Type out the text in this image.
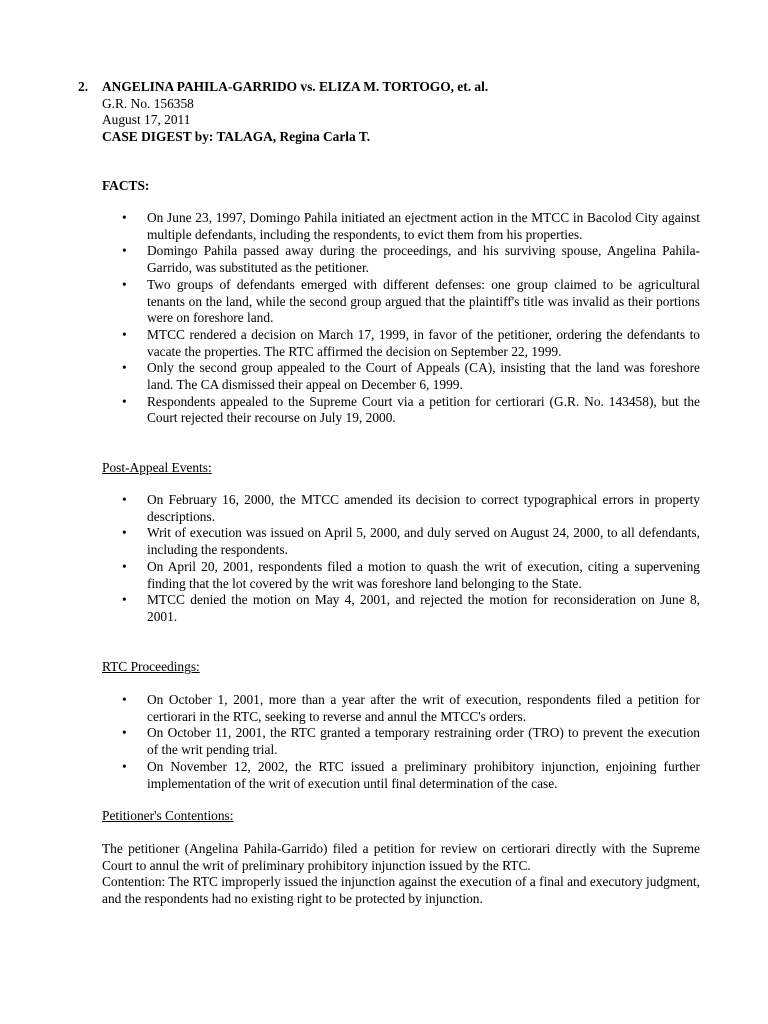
2. ANGELINA PAHILA-GARRIDO vs. ELIZA M. TORTOGO, et. al.
G.R. No. 156358
August 17, 2011
CASE DIGEST by: TALAGA, Regina Carla T.
FACTS:
• On June 23, 1997, Domingo Pahila initiated an ejectment action in the MTCC in Bacolod City against multiple defendants, including the respondents, to evict them from his properties.
• Domingo Pahila passed away during the proceedings, and his surviving spouse, Angelina Pahila-Garrido, was substituted as the petitioner.
• Two groups of defendants emerged with different defenses: one group claimed to be agricultural tenants on the land, while the second group argued that the plaintiff's title was invalid as their portions were on foreshore land.
• MTCC rendered a decision on March 17, 1999, in favor of the petitioner, ordering the defendants to vacate the properties. The RTC affirmed the decision on September 22, 1999.
• Only the second group appealed to the Court of Appeals (CA), insisting that the land was foreshore land. The CA dismissed their appeal on December 6, 1999.
• Respondents appealed to the Supreme Court via a petition for certiorari (G.R. No. 143458), but the Court rejected their recourse on July 19, 2000.
Post-Appeal Events:
• On February 16, 2000, the MTCC amended its decision to correct typographical errors in property descriptions.
• Writ of execution was issued on April 5, 2000, and duly served on August 24, 2000, to all defendants, including the respondents.
• On April 20, 2001, respondents filed a motion to quash the writ of execution, citing a supervening finding that the lot covered by the writ was foreshore land belonging to the State.
• MTCC denied the motion on May 4, 2001, and rejected the motion for reconsideration on June 8, 2001.
RTC Proceedings:
• On October 1, 2001, more than a year after the writ of execution, respondents filed a petition for certiorari in the RTC, seeking to reverse and annul the MTCC's orders.
• On October 11, 2001, the RTC granted a temporary restraining order (TRO) to prevent the execution of the writ pending trial.
• On November 12, 2002, the RTC issued a preliminary prohibitory injunction, enjoining further implementation of the writ of execution until final determination of the case.
Petitioner's Contentions:
The petitioner (Angelina Pahila-Garrido) filed a petition for review on certiorari directly with the Supreme Court to annul the writ of preliminary prohibitory injunction issued by the RTC.
Contention: The RTC improperly issued the injunction against the execution of a final and executory judgment, and the respondents had no existing right to be protected by injunction.
